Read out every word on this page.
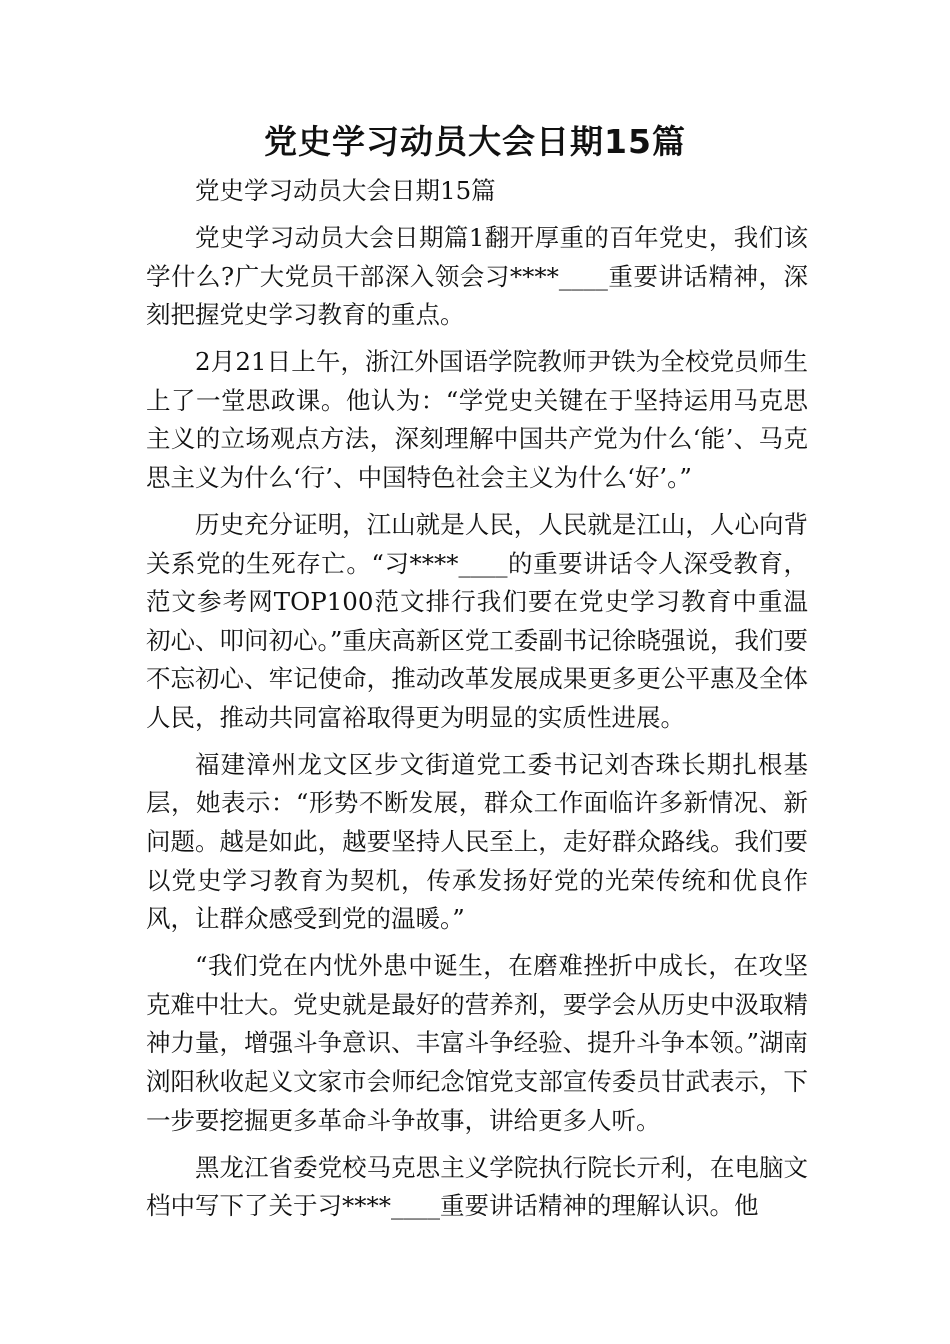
党史学习动员大会日期15篇

党史学习动员大会日期15篇

党史学习动员大会日期篇1翻开厚重的百年党史，我们该学什么?广大党员干部深入领会习****____重要讲话精神，深刻把握党史学习教育的重点。

2月21日上午，浙江外国语学院教师尹铁为全校党员师生上了一堂思政课。他认为：“学党史关键在于坚持运用马克思主义的立场观点方法，深刻理解中国共产党为什么‘能’、马克思主义为什么‘行’、中国特色社会主义为什么‘好’。”

历史充分证明，江山就是人民，人民就是江山，人心向背关系党的生死存亡。“习****____的重要讲话令人深受教育，范文参考网TOP100范文排行我们要在党史学习教育中重温初心、叩问初心。”重庆高新区党工委副书记徐晓强说，我们要不忘初心、牢记使命，推动改革发展成果更多更公平惠及全体人民，推动共同富裕取得更为明显的实质性进展。

福建漳州龙文区步文街道党工委书记刘杏珠长期扎根基层，她表示：“形势不断发展，群众工作面临许多新情况、新问题。越是如此，越要坚持人民至上，走好群众路线。我们要以党史学习教育为契机，传承发扬好党的光荣传统和优良作风，让群众感受到党的温暖。”

“我们党在内忧外患中诞生，在磨难挫折中成长，在攻坚克难中壮大。党史就是最好的营养剂，要学会从历史中汲取精神力量，增强斗争意识、丰富斗争经验、提升斗争本领。”湖南浏阳秋收起义文家市会师纪念馆党支部宣传委员甘武表示，下一步要挖掘更多革命斗争故事，讲给更多人听。

黑龙江省委党校马克思主义学院执行院长亓利，在电脑文档中写下了关于习****____重要讲话精神的理解认识。他
